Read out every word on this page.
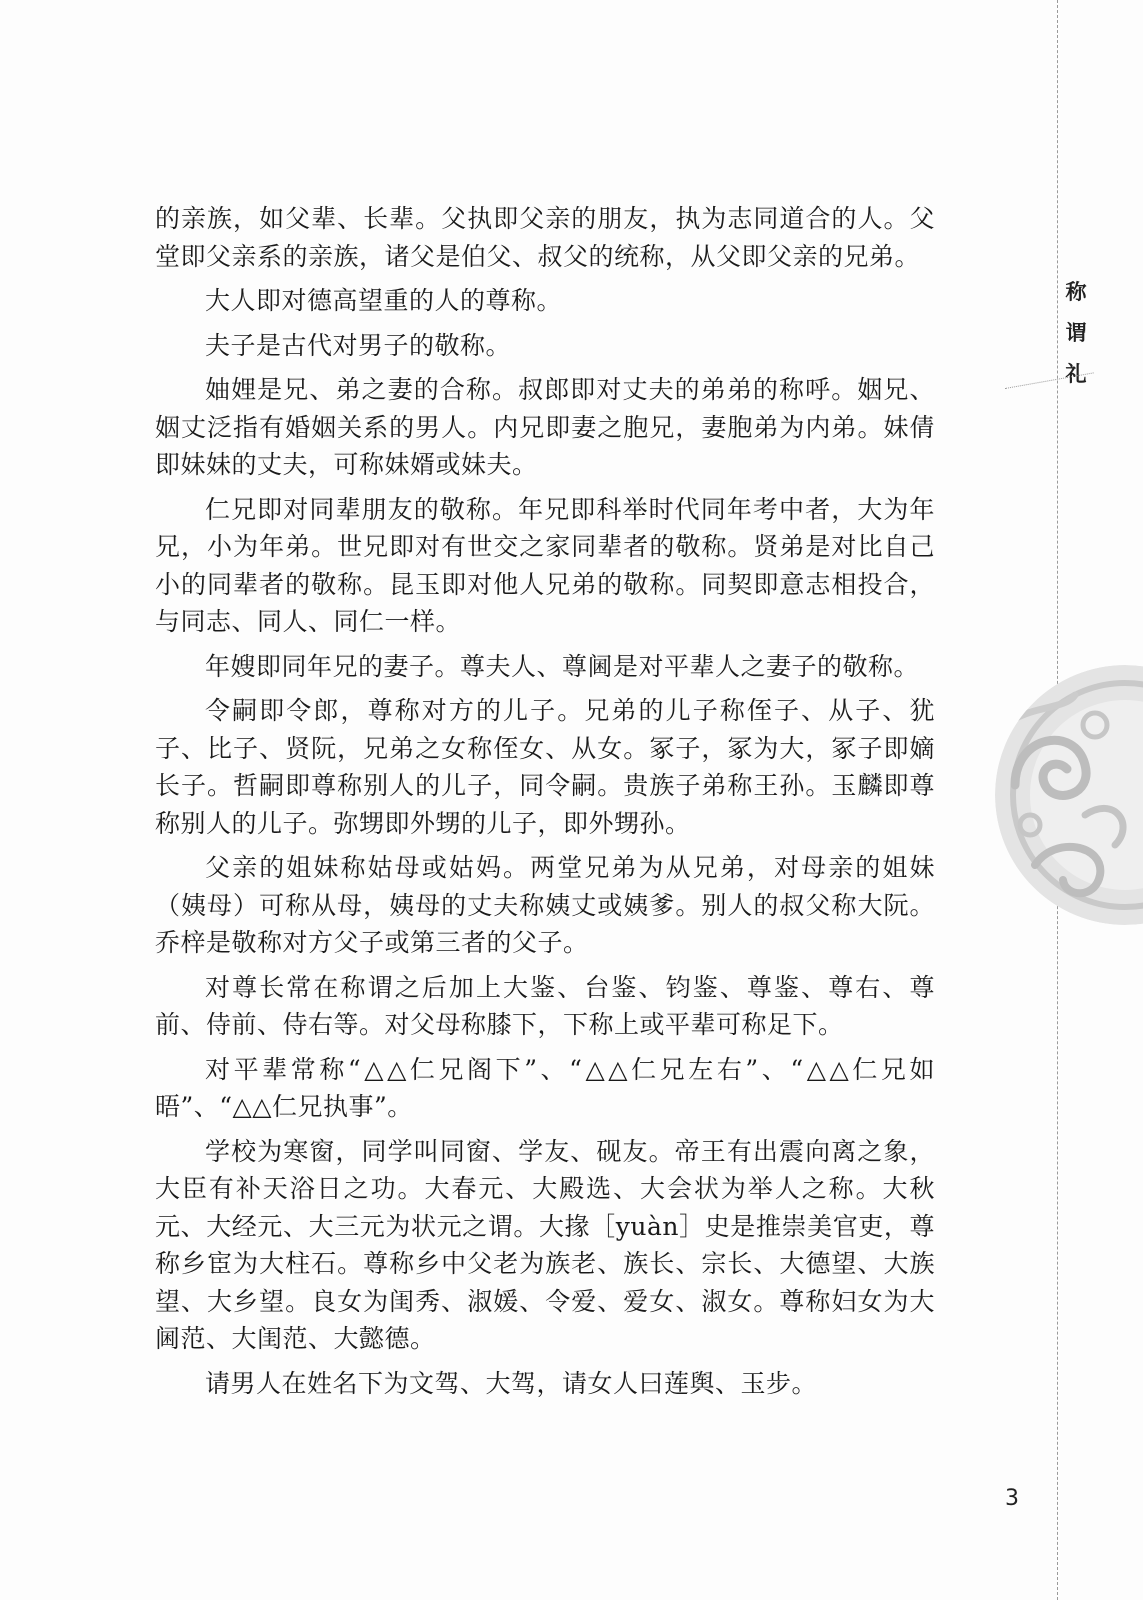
的亲族，如父辈、长辈。父执即父亲的朋友，执为志同道合的人。父堂即父亲系的亲族，诸父是伯父、叔父的统称，从父即父亲的兄弟。

大人即对德高望重的人的尊称。

夫子是古代对男子的敬称。

妯娌是兄、弟之妻的合称。叔郎即对丈夫的弟弟的称呼。姻兄、姻丈泛指有婚姻关系的男人。内兄即妻之胞兄，妻胞弟为内弟。妹倩即妹妹的丈夫，可称妹婿或妹夫。

仁兄即对同辈朋友的敬称。年兄即科举时代同年考中者，大为年兄，小为年弟。世兄即对有世交之家同辈者的敬称。贤弟是对比自己小的同辈者的敬称。昆玉即对他人兄弟的敬称。同契即意志相投合，与同志、同人、同仁一样。

年嫂即同年兄的妻子。尊夫人、尊阃是对平辈人之妻子的敬称。

令嗣即令郎，尊称对方的儿子。兄弟的儿子称侄子、从子、犹子、比子、贤阮，兄弟之女称侄女、从女。冢子，冢为大，冢子即嫡长子。哲嗣即尊称别人的儿子，同令嗣。贵族子弟称王孙。玉麟即尊称别人的儿子。弥甥即外甥的儿子，即外甥孙。

父亲的姐妹称姑母或姑妈。两堂兄弟为从兄弟，对母亲的姐妹（姨母）可称从母，姨母的丈夫称姨丈或姨爹。别人的叔父称大阮。乔梓是敬称对方父子或第三者的父子。

对尊长常在称谓之后加上大鉴、台鉴、钧鉴、尊鉴、尊右、尊前、侍前、侍右等。对父母称膝下，下称上或平辈可称足下。

对平辈常称“△△仁兄阁下”、“△△仁兄左右”、“△△仁兄如晤”、“△△仁兄执事”。

学校为寒窗，同学叫同窗、学友、砚友。帝王有出震向离之象，大臣有补天浴日之功。大春元、大殿选、大会状为举人之称。大秋元、大经元、大三元为状元之谓。大掾［yuàn］史是推崇美官吏，尊称乡宦为大柱石。尊称乡中父老为族老、族长、宗长、大德望、大族望、大乡望。良女为闺秀、淑媛、令爱、爱女、淑女。尊称妇女为大阃范、大闺范、大懿德。

请男人在姓名下为文驾、大驾，请女人曰莲舆、玉步。

称
谓
礼
3
